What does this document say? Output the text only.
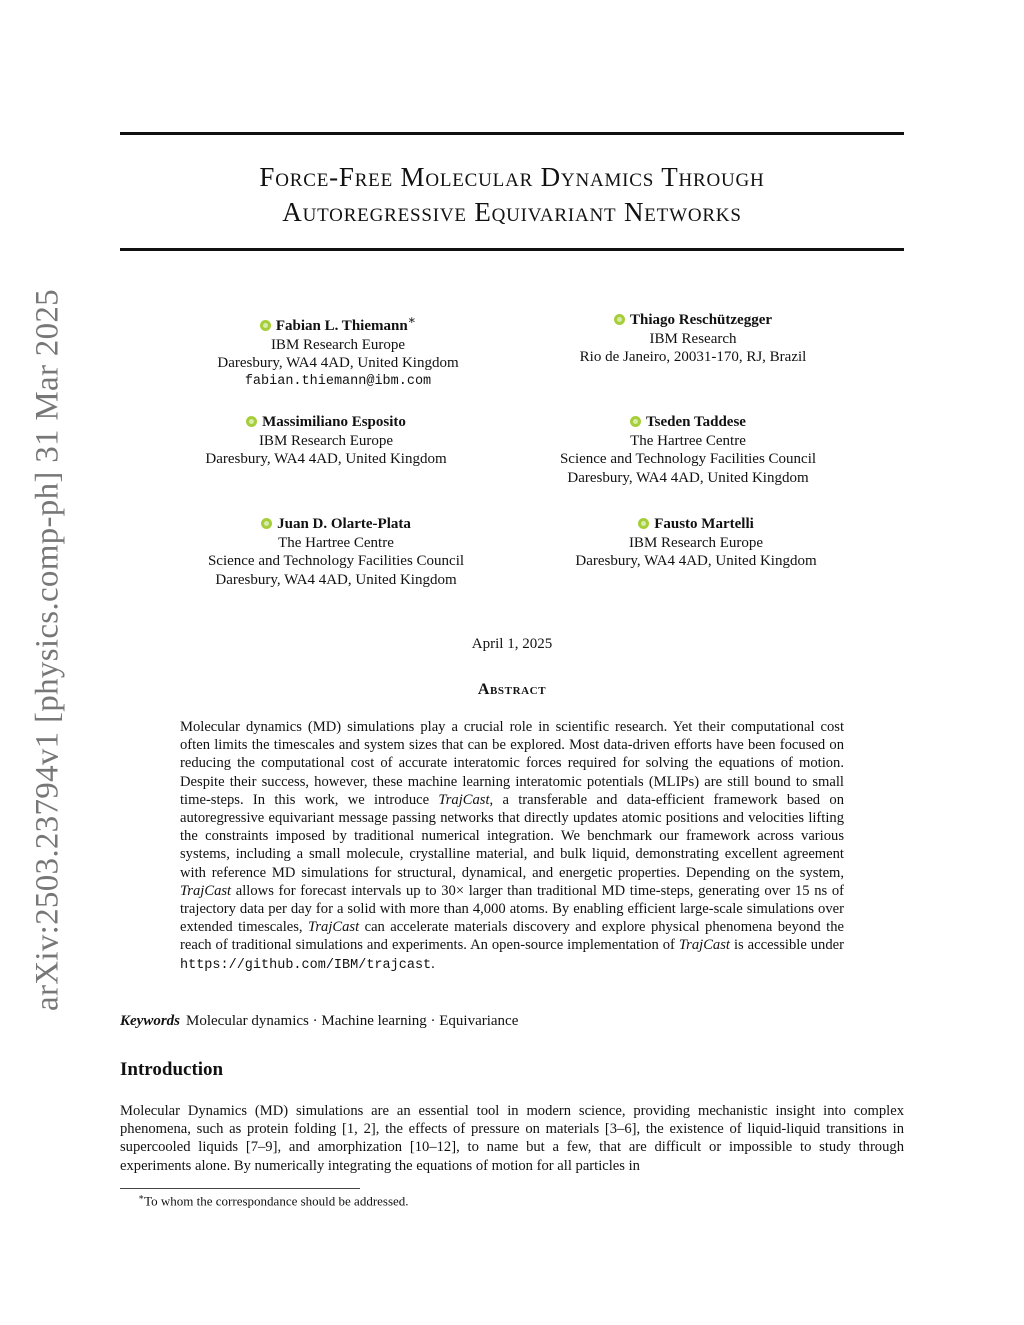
arXiv:2503.23794v1 [physics.comp-ph] 31 Mar 2025
Force-Free Molecular Dynamics Through
Autoregressive Equivariant Networks
Fabian L. Thiemann∗
IBM Research Europe
Daresbury, WA4 4AD, United Kingdom
fabian.thiemann@ibm.com
Thiago Reschützegger
IBM Research
Rio de Janeiro, 20031-170, RJ, Brazil
Massimiliano Esposito
IBM Research Europe
Daresbury, WA4 4AD, United Kingdom
Tseden Taddese
The Hartree Centre
Science and Technology Facilities Council
Daresbury, WA4 4AD, United Kingdom
Juan D. Olarte-Plata
The Hartree Centre
Science and Technology Facilities Council
Daresbury, WA4 4AD, United Kingdom
Fausto Martelli
IBM Research Europe
Daresbury, WA4 4AD, United Kingdom
April 1, 2025
Abstract
Molecular dynamics (MD) simulations play a crucial role in scientific research. Yet their computational cost often limits the timescales and system sizes that can be explored. Most data-driven efforts have been focused on reducing the computational cost of accurate interatomic forces required for solving the equations of motion. Despite their success, however, these machine learning interatomic potentials (MLIPs) are still bound to small time-steps. In this work, we introduce TrajCast, a transferable and data-efficient framework based on autoregressive equivariant message passing networks that directly updates atomic positions and velocities lifting the constraints imposed by traditional numerical integration. We benchmark our framework across various systems, including a small molecule, crystalline material, and bulk liquid, demonstrating excellent agreement with reference MD simulations for structural, dynamical, and energetic properties. Depending on the system, TrajCast allows for forecast intervals up to 30× larger than traditional MD time-steps, generating over 15 ns of trajectory data per day for a solid with more than 4,000 atoms. By enabling efficient large-scale simulations over extended timescales, TrajCast can accelerate materials discovery and explore physical phenomena beyond the reach of traditional simulations and experiments. An open-source implementation of TrajCast is accessible under https://github.com/IBM/trajcast.
Keywords Molecular dynamics · Machine learning · Equivariance
Introduction
Molecular Dynamics (MD) simulations are an essential tool in modern science, providing mechanistic insight into complex phenomena, such as protein folding [1, 2], the effects of pressure on materials [3–6], the existence of liquid-liquid transitions in supercooled liquids [7–9], and amorphization [10–12], to name but a few, that are difficult or impossible to study through experiments alone. By numerically integrating the equations of motion for all particles in
∗To whom the correspondance should be addressed.
